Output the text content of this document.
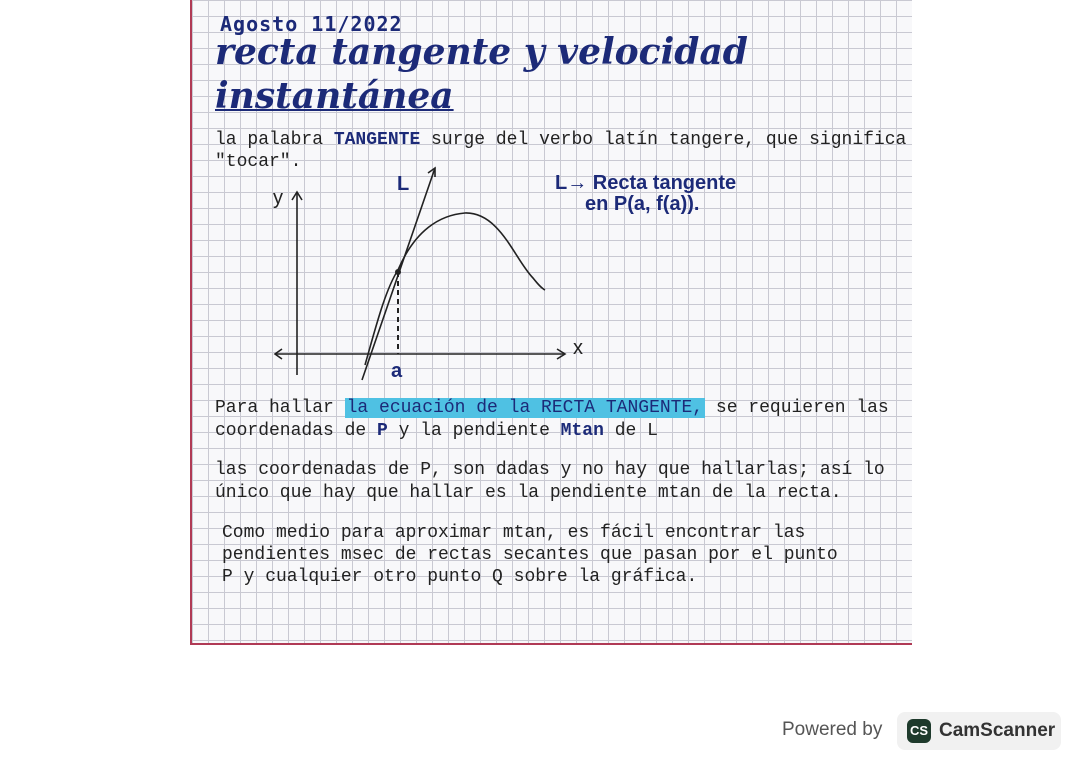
Agosto 11/2022
recta tangente y velocidad
instantánea
la palabra TANGENTE surge del verbo latín tangere, que significa
"tocar".
y
x
L
a
L→ Recta tangente
en P(a, f(a)).
Para hallar la ecuación de la RECTA TANGENTE, se requieren las
coordenadas de P y la pendiente Mtan de L
las coordenadas de P, son dadas y no hay que hallarlas; así lo
único que hay que hallar es la pendiente mtan de la recta.
Como medio para aproximar mtan, es fácil encontrar las
pendientes msec de rectas secantes que pasan por el punto
P y cualquier otro punto Q sobre la gráfica.
Powered by CS CamScanner
